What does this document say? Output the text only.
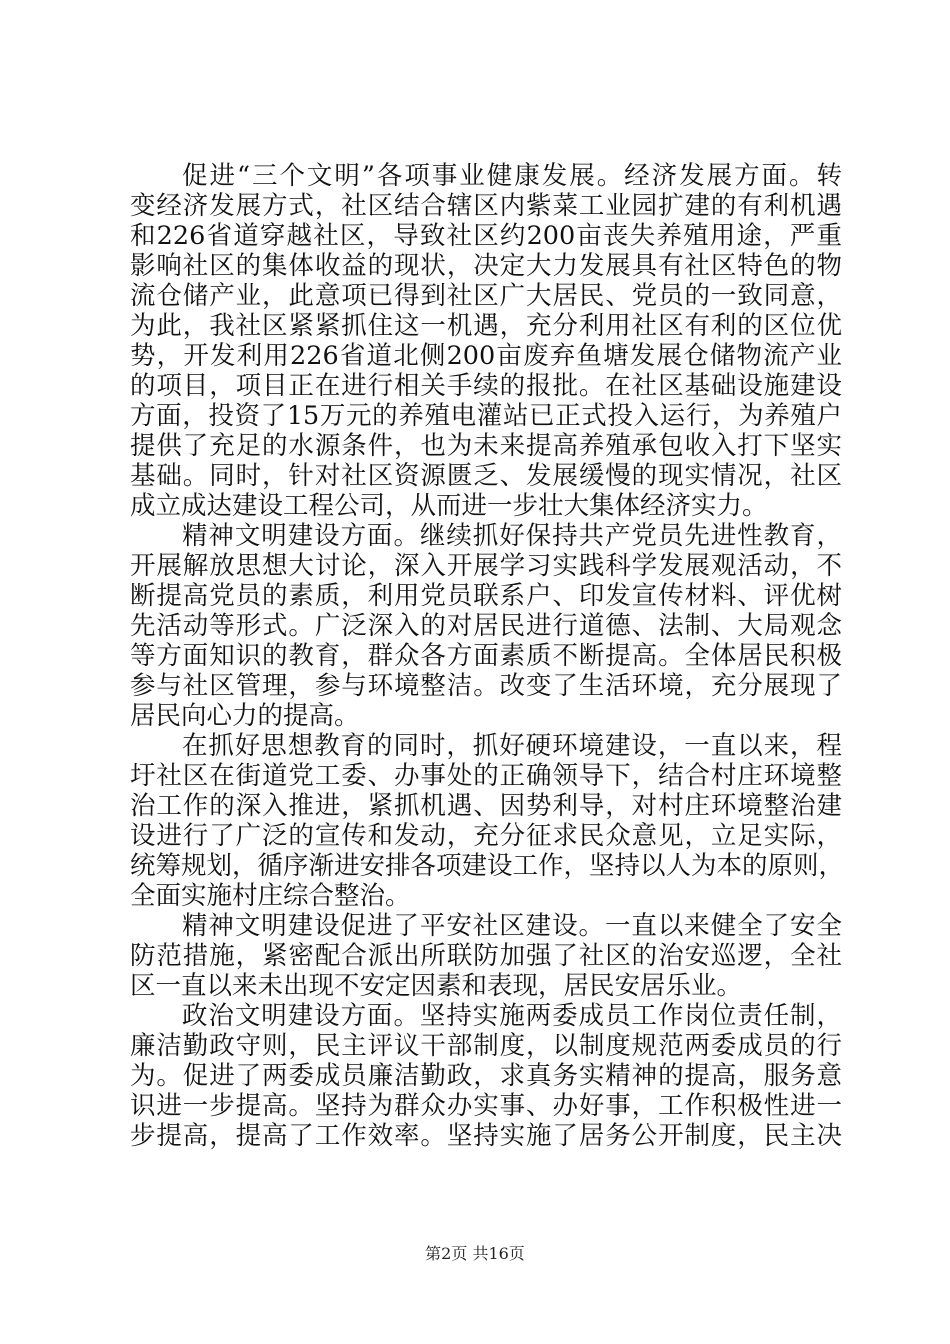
促进“三个文明”各项事业健康发展。经济发展方面。转
变经济发展方式，社区结合辖区内紫菜工业园扩建的有利机遇
和226省道穿越社区，导致社区约200亩丧失养殖用途，严重
影响社区的集体收益的现状，决定大力发展具有社区特色的物
流仓储产业，此意项已得到社区广大居民、党员的一致同意，
为此，我社区紧紧抓住这一机遇，充分利用社区有利的区位优
势，开发利用226省道北侧200亩废弃鱼塘发展仓储物流产业
的项目，项目正在进行相关手续的报批。在社区基础设施建设
方面，投资了15万元的养殖电灌站已正式投入运行，为养殖户
提供了充足的水源条件，也为未来提高养殖承包收入打下坚实
基础。同时，针对社区资源匮乏、发展缓慢的现实情况，社区
成立成达建设工程公司，从而进一步壮大集体经济实力。
精神文明建设方面。继续抓好保持共产党员先进性教育，
开展解放思想大讨论，深入开展学习实践科学发展观活动，不
断提高党员的素质，利用党员联系户、印发宣传材料、评优树
先活动等形式。广泛深入的对居民进行道德、法制、大局观念
等方面知识的教育，群众各方面素质不断提高。全体居民积极
参与社区管理，参与环境整洁。改变了生活环境，充分展现了
居民向心力的提高。
在抓好思想教育的同时，抓好硬环境建设，一直以来，程
圩社区在街道党工委、办事处的正确领导下，结合村庄环境整
治工作的深入推进，紧抓机遇、因势利导，对村庄环境整治建
设进行了广泛的宣传和发动，充分征求民众意见，立足实际，
统筹规划，循序渐进安排各项建设工作，坚持以人为本的原则，
全面实施村庄综合整治。
精神文明建设促进了平安社区建设。一直以来健全了安全
防范措施，紧密配合派出所联防加强了社区的治安巡逻，全社
区一直以来未出现不安定因素和表现，居民安居乐业。
政治文明建设方面。坚持实施两委成员工作岗位责任制，
廉洁勤政守则，民主评议干部制度，以制度规范两委成员的行
为。促进了两委成员廉洁勤政，求真务实精神的提高，服务意
识进一步提高。坚持为群众办实事、办好事，工作积极性进一
步提高，提高了工作效率。坚持实施了居务公开制度，民主决
第2页 共16页
